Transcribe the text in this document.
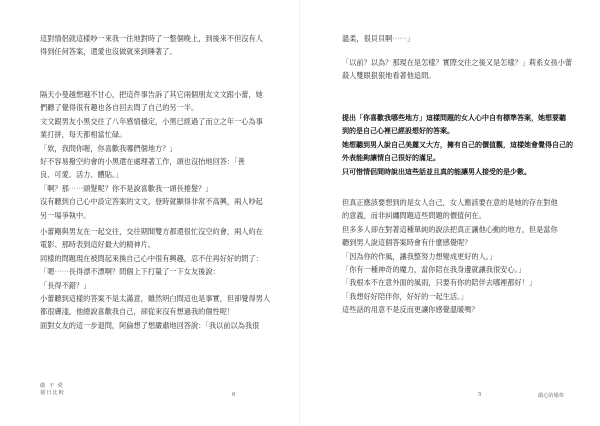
這對情侶就這樣吵一來我一往地對時了一整個晚上，到後來不但沒有人
得到任何答案，還愛也沒做就來到睡著了。

隔天小曼越想越不甘心，把這件事告訴了其它兩個朋友文文跟小蕾，她
們聽了覺得很有趣也各自回去問了自己的另一半。
文文跟男友小黑交往了八年感情穩定，小黑已經過了而立之年一心為事
業打拼，每天都相當忙碌。
「欸，我問你喔，你喜歡我哪們個地方？」
好不容易撥空約會的小黑還在處理著工作，頭也沒抬地回答：「善
良、可愛、活力、體貼。」
「啊？那⋯⋯頭髮呢？你不是說喜歡我一頭長捲髮？」
沒有聽到自己心中設定答案的文文，登時就顯得非常不高興，兩人吵起
另一場爭執中。

小蕾剛與男友在一起交往，交往期間雙方都還很忙沒空約會，兩人約在
電影、那時表到這好最大的精神片。
同樣的問題現在被問起來換自己心中很有興趣，忍不住再好好的問了：
「嗯⋯⋯長得漂不漂啊？問個上下打量了一下女友後說：
「長得不錯？」
小蕾聽到這樣的答案不是太滿意，雖然明白問這也是事實，但卻覺得男人
都很膚淺，他總說喜歡我自己，卻從來沒有想過我的個性呢！
面對女友的這一步退問，阿倫想了想嚴肅地回答說：「我以前以為我很

做 不 愛
週日比較	6

溫柔，很貝貝啊⋯⋯」

「以前？以為？那現在是怎樣？實際交往之後又是怎樣？」莉系女孩小蕾
殺人雙眼狠狠地看著他追問。

提出「你喜歡我哪些地方」這樣問題的女人心中自有標準答案，她想要聽
到的是自己心裡已經設想好的答案。
她想聽到男人說自己美麗又大方，擁有自己的價值觀，這樣她會覺得自己的
外表能夠讓情自己很好的滿足。
只可惜情侶間時說出這些話並且真的能讓男人接受的是少數。

但真正應該要想到的是女人自己，女人應該要在意的是她的存在對他
的意義，而非糾纏問題這些問題的價值何在。
但多多人卻在對著這種單純的說法把真正讓他心動的地方，但是當你
聽到男人說這個答案時會有什麼感覺呢？
「因為你的作風，讓我整努力想變成更好的人。」
「你有一種神奇的魔力，當你陪在我身邊就讓我很安心。」
「我根本不在意外面的風雨，只要有你的陪伴去哪裡都好！」
「我想好好陪伴你，好好的一起生活。」
這些話的用意不是反而更讓你感覺溫暖嗎？

5	做心的婚奉
